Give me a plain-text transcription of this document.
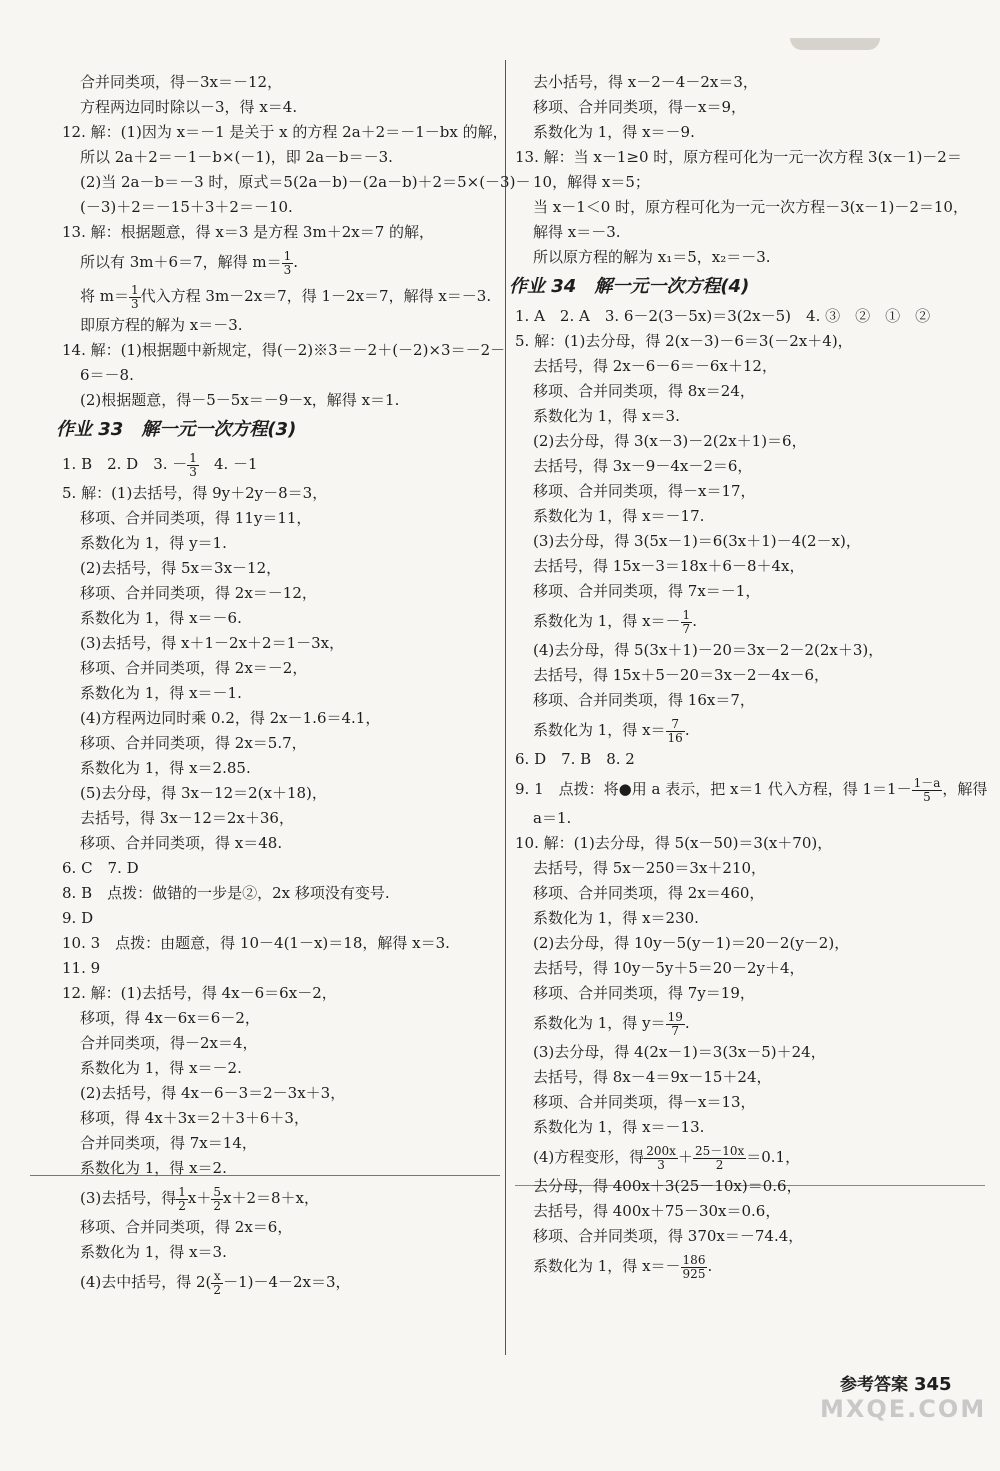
合并同类项，得－3x＝－12，
方程两边同时除以－3，得 x＝4.
12. 解：(1)因为 x＝－1 是关于 x 的方程 2a＋2＝－1－bx 的解，
所以 2a＋2＝－1－b×(－1)，即 2a－b＝－3.
(2)当 2a－b＝－3 时，原式＝5(2a－b)－(2a－b)＋2＝5×(－3)－
(－3)＋2＝－15＋3＋2＝－10.
13. 解：根据题意，得 x＝3 是方程 3m＋2x＝7 的解，
所以有 3m＋6＝7，解得 $m= \frac{1}{3}$ .
将 $m= \frac{1}{3}$ 代入方程 3m－2x＝7，得 1－2x＝7，解得 x＝－3.
即原方程的解为 x＝－3.
14. 解：(1)根据题中新规定，得(－2)※3＝－2＋(－2)×3＝－2－
6＝－8.
(2)根据题意，得－5－5x＝－9－x，解得 x＝1.
作业 33　解一元一次方程(3)
1. B　2. D　3. － $\frac{1}{3}$ 　4. －1
5. 解：(1)去括号，得 9y＋2y－8＝3，
移项、合并同类项，得 11y＝11，
系数化为 1，得 y＝1.
(2)去括号，得 5x＝3x－12，
移项、合并同类项，得 2x＝－12，
系数化为 1，得 x＝－6.
(3)去括号，得 x＋1－2x＋2＝1－3x，
移项、合并同类项，得 2x＝－2，
系数化为 1，得 x＝－1.
(4)方程两边同时乘 0.2，得 2x－1.6＝4.1，
移项、合并同类项，得 2x＝5.7，
系数化为 1，得 x＝2.85.
(5)去分母，得 3x－12＝2(x＋18)，
去括号，得 3x－12＝2x＋36，
移项、合并同类项，得 x＝48.
6. C　7. D
8. B　点拨：做错的一步是②，2x 移项没有变号.
9. D
10. 3　点拨：由题意，得 10－4(1－x)＝18，解得 x＝3.
11. 9
12. 解：(1)去括号，得 4x－6＝6x－2，
移项，得 4x－6x＝6－2，
合并同类项，得－2x＝4，
系数化为 1，得 x＝－2.
(2)去括号，得 4x－6－3＝2－3x＋3，
移项，得 4x＋3x＝2＋3＋6＋3，
合并同类项，得 7x＝14，
系数化为 1，得 x＝2.
(3)去括号，得 $\frac{1}{2} x+ \frac{5}{2} x+2=8+x$，
移项、合并同类项，得 2x＝6，
系数化为 1，得 x＝3.
(4)去中括号，得 $2( \frac{x}{2} -1)-4-2x=3$，
去小括号，得 x－2－4－2x＝3，
移项、合并同类项，得－x＝9，
系数化为 1，得 x＝－9.
13. 解：当 x－1≥0 时，原方程可化为一元一次方程 3(x－1)－2＝
10，解得 x＝5；
当 x－1＜0 时，原方程可化为一元一次方程－3(x－1)－2＝10，
解得 x＝－3.
所以原方程的解为 x₁＝5，x₂＝－3.
作业 34　解一元一次方程(4)
1. A　2. A　3. 6－2(3－5x)＝3(2x－5)　4. ③　②　①　②
5. 解：(1)去分母，得 2(x－3)－6＝3(－2x＋4)，
去括号，得 2x－6－6＝－6x＋12，
移项、合并同类项，得 8x＝24，
系数化为 1，得 x＝3.
(2)去分母，得 3(x－3)－2(2x＋1)＝6，
去括号，得 3x－9－4x－2＝6，
移项、合并同类项，得－x＝17，
系数化为 1，得 x＝－17.
(3)去分母，得 3(5x－1)＝6(3x＋1)－4(2－x)，
去括号，得 15x－3＝18x＋6－8＋4x，
移项、合并同类项，得 7x＝－1，
系数化为 1，得 $x=- \frac{1}{7}$ .
(4)去分母，得 5(3x＋1)－20＝3x－2－2(2x＋3)，
去括号，得 15x＋5－20＝3x－2－4x－6，
移项、合并同类项，得 16x＝7，
系数化为 1，得 $x= \frac{7}{16}$ .
6. D　7. B　8. 2
9. 1　点拨：将●用 a 表示，把 x＝1 代入方程，得 $1=1- \frac{1-a}{5}$ ，解得
a＝1.
10. 解：(1)去分母，得 5(x－50)＝3(x＋70)，
去括号，得 5x－250＝3x＋210，
移项、合并同类项，得 2x＝460，
系数化为 1，得 x＝230.
(2)去分母，得 10y－5(y－1)＝20－2(y－2)，
去括号，得 10y－5y＋5＝20－2y＋4，
移项、合并同类项，得 7y＝19，
系数化为 1，得 $y= \frac{19}{7}$ .
(3)去分母，得 4(2x－1)＝3(3x－5)＋24，
去括号，得 8x－4＝9x－15＋24，
移项、合并同类项，得－x＝13，
系数化为 1，得 x＝－13.
(4)方程变形，得 $\frac{200x}{3} + \frac{25-10x}{2} =0.1$，
去分母，得 400x＋3(25－10x)＝0.6，
去括号，得 400x＋75－30x＝0.6，
移项、合并同类项，得 370x＝－74.4，
系数化为 1，得 $x=- \frac{186}{925}$ .
参考答案 345
MXQE.COM
